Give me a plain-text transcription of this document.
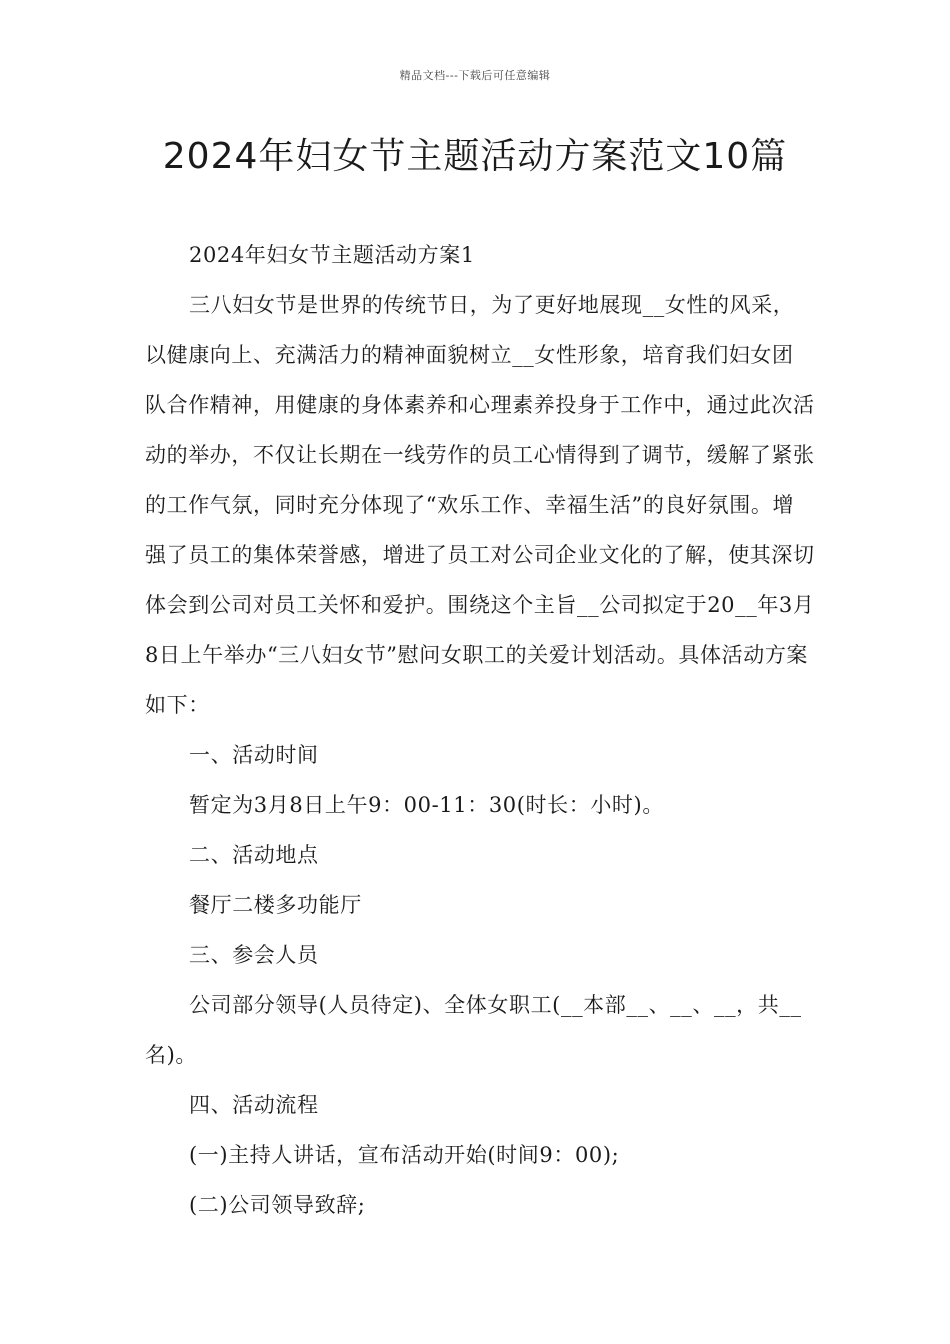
精品文档---下载后可任意编辑
2024年妇女节主题活动方案范文10篇

2024年妇女节主题活动方案1

三八妇女节是世界的传统节日，为了更好地展现__女性的风采，以健康向上、充满活力的精神面貌树立__女性形象，培育我们妇女团队合作精神，用健康的身体素养和心理素养投身于工作中，通过此次活动的举办，不仅让长期在一线劳作的员工心情得到了调节，缓解了紧张的工作气氛，同时充分体现了“欢乐工作、幸福生活”的良好氛围。增强了员工的集体荣誉感，增进了员工对公司企业文化的了解，使其深切体会到公司对员工关怀和爱护。围绕这个主旨__公司拟定于20__年3月8日上午举办“三八妇女节”慰问女职工的关爱计划活动。具体活动方案如下：

一、活动时间

暂定为3月8日上午9：00-11：30(时长：小时)。

二、活动地点

餐厅二楼多功能厅

三、参会人员

公司部分领导(人员待定)、全体女职工(__本部__、__、__，共__名)。

四、活动流程

(一)主持人讲话，宣布活动开始(时间9：00);

(二)公司领导致辞;
